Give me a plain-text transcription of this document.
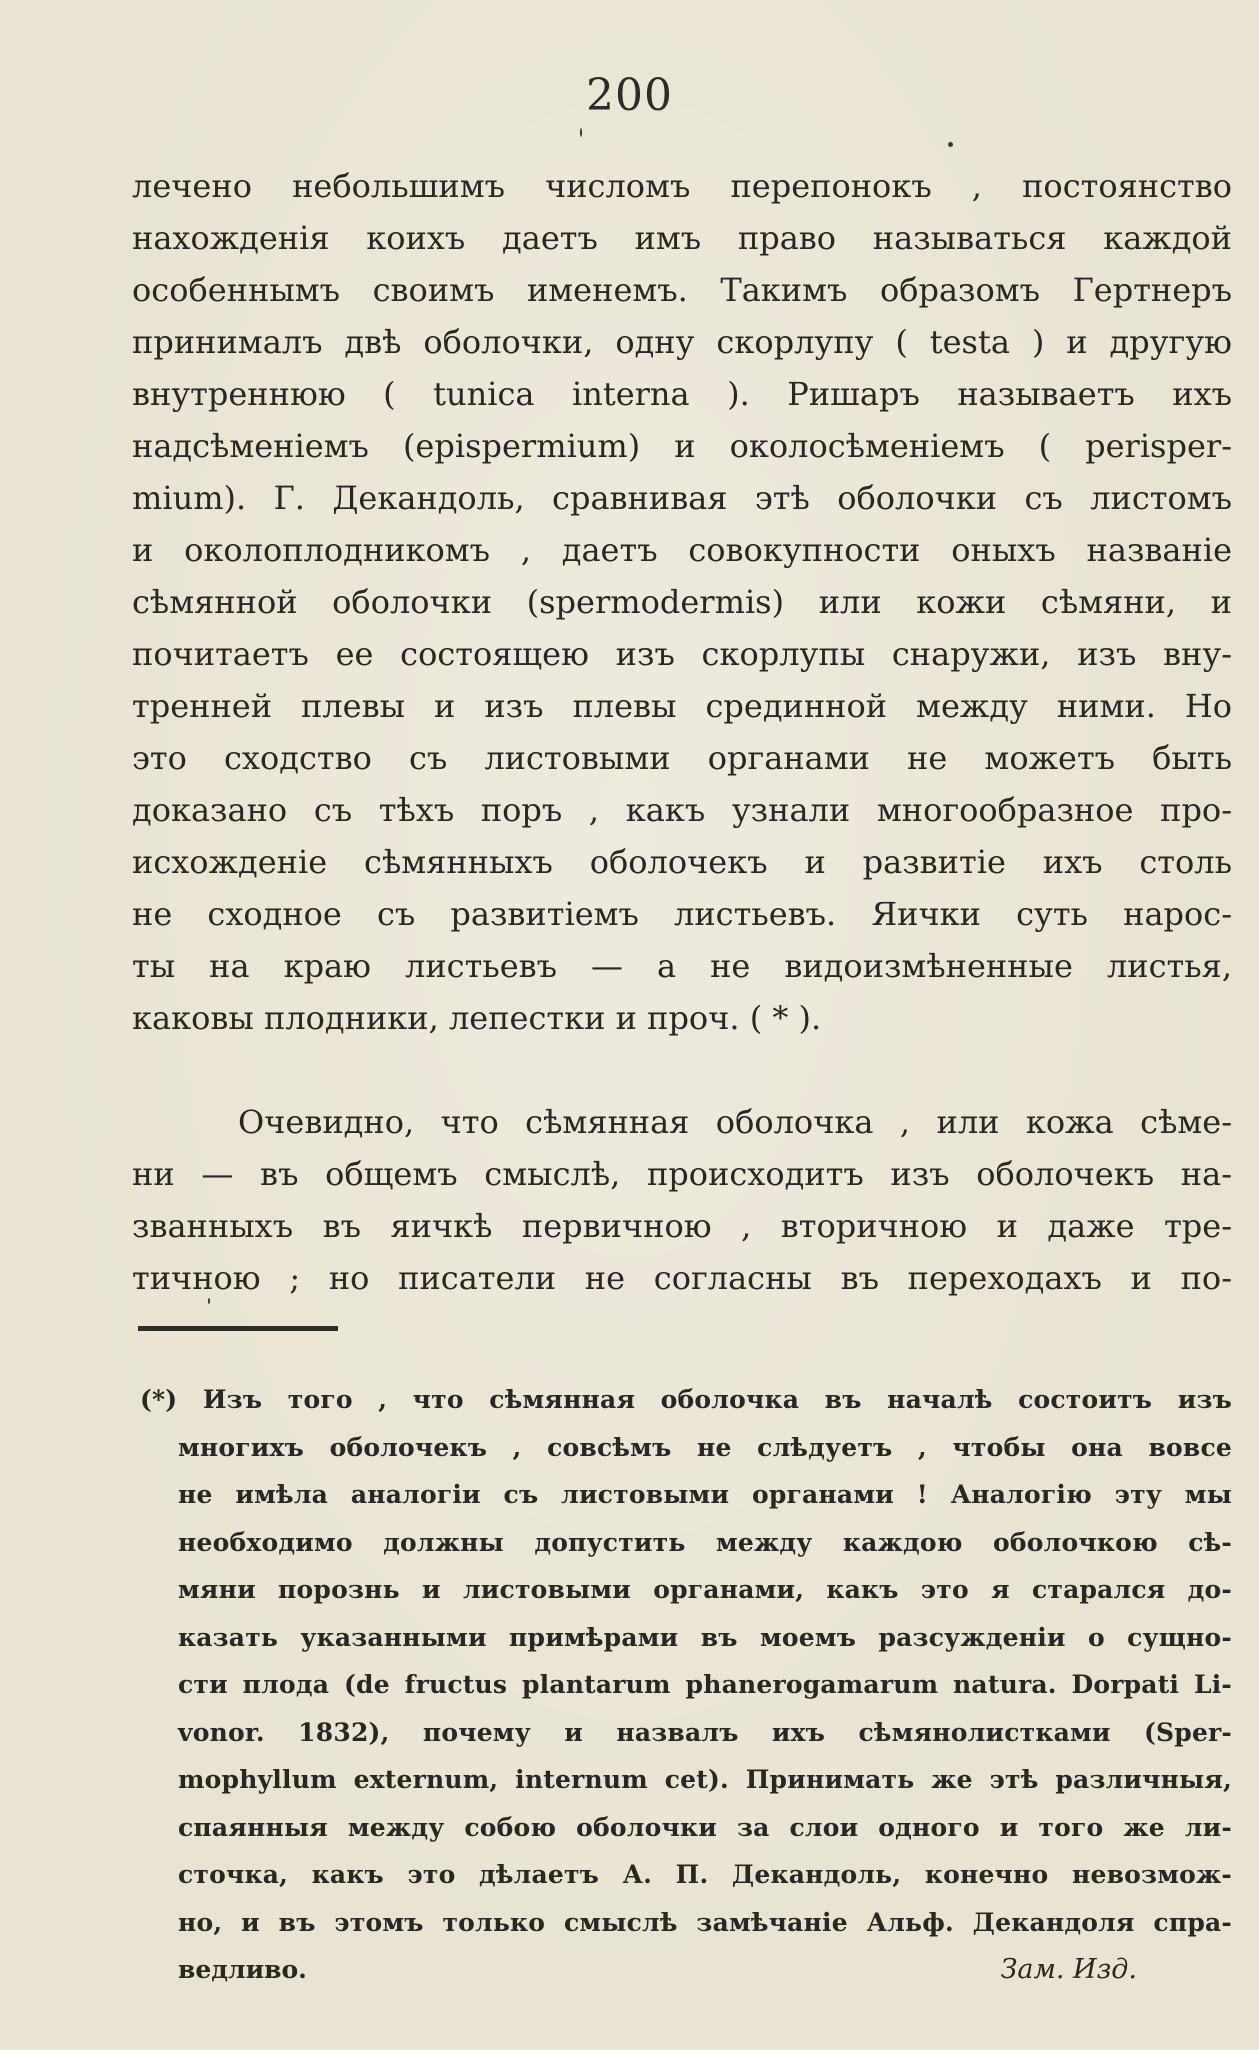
200
лечено небольшимъ числомъ перепонокъ , постоянство
нахожденія коихъ даетъ имъ право называться каждой
особеннымъ своимъ именемъ. Такимъ образомъ Гертнеръ
принималъ двѣ оболочки, одну скорлупу ( testa ) и другую
внутреннюю ( tunica interna ). Ришаръ называетъ ихъ
надсѣменіемъ (epispermium) и околосѣменіемъ ( perisper-
mium). Г. Декандоль, сравнивая этѣ оболочки съ листомъ
и околоплодникомъ , даетъ совокупности оныхъ названіе
сѣмянной оболочки (spermodermis) или кожи сѣмяни, и
почитаетъ ее состоящею изъ скорлупы снаружи, изъ вну-
тренней плевы и изъ плевы срединной между ними. Но
это сходство съ листовыми органами не можетъ быть
доказано съ тѣхъ поръ , какъ узнали многообразное про-
исхожденіе сѣмянныхъ оболочекъ и развитіе ихъ столь
не сходное съ развитіемъ листьевъ. Яички суть нарос-
ты на краю листьевъ — а не видоизмѣненные листья,
каковы плодники, лепестки и проч. ( * ).
Очевидно, что сѣмянная оболочка , или кожа сѣме-
ни — въ общемъ смыслѣ, происходитъ изъ оболочекъ на-
званныхъ въ яичкѣ первичною , вторичною и даже тре-
тичною ; но писатели не согласны въ переходахъ и по-
(*) Изъ того , что сѣмянная оболочка въ началѣ состоитъ изъ
многихъ оболочекъ , совсѣмъ не слѣдуетъ , чтобы она вовсе
не имѣла аналогіи съ листовыми органами ! Аналогію эту мы
необходимо должны допустить между каждою оболочкою сѣ-
мяни порознь и листовыми органами, какъ это я старался до-
казать указанными примѣрами въ моемъ разсужденіи о сущно-
сти плода (de fructus plantarum phanerogamarum natura. Dorpati Li-
vonor. 1832), почему и назвалъ ихъ сѣмянолистками (Sper-
mophyllum externum, internum cet). Принимать же этѣ различныя,
спаянныя между собою оболочки за слои одного и того же ли-
сточка, какъ это дѣлаетъ А. П. Декандоль, конечно невозмож-
но, и въ этомъ только смыслѣ замѣчаніе Альф. Декандоля спра-
ведливо.	Зам. Изд.
